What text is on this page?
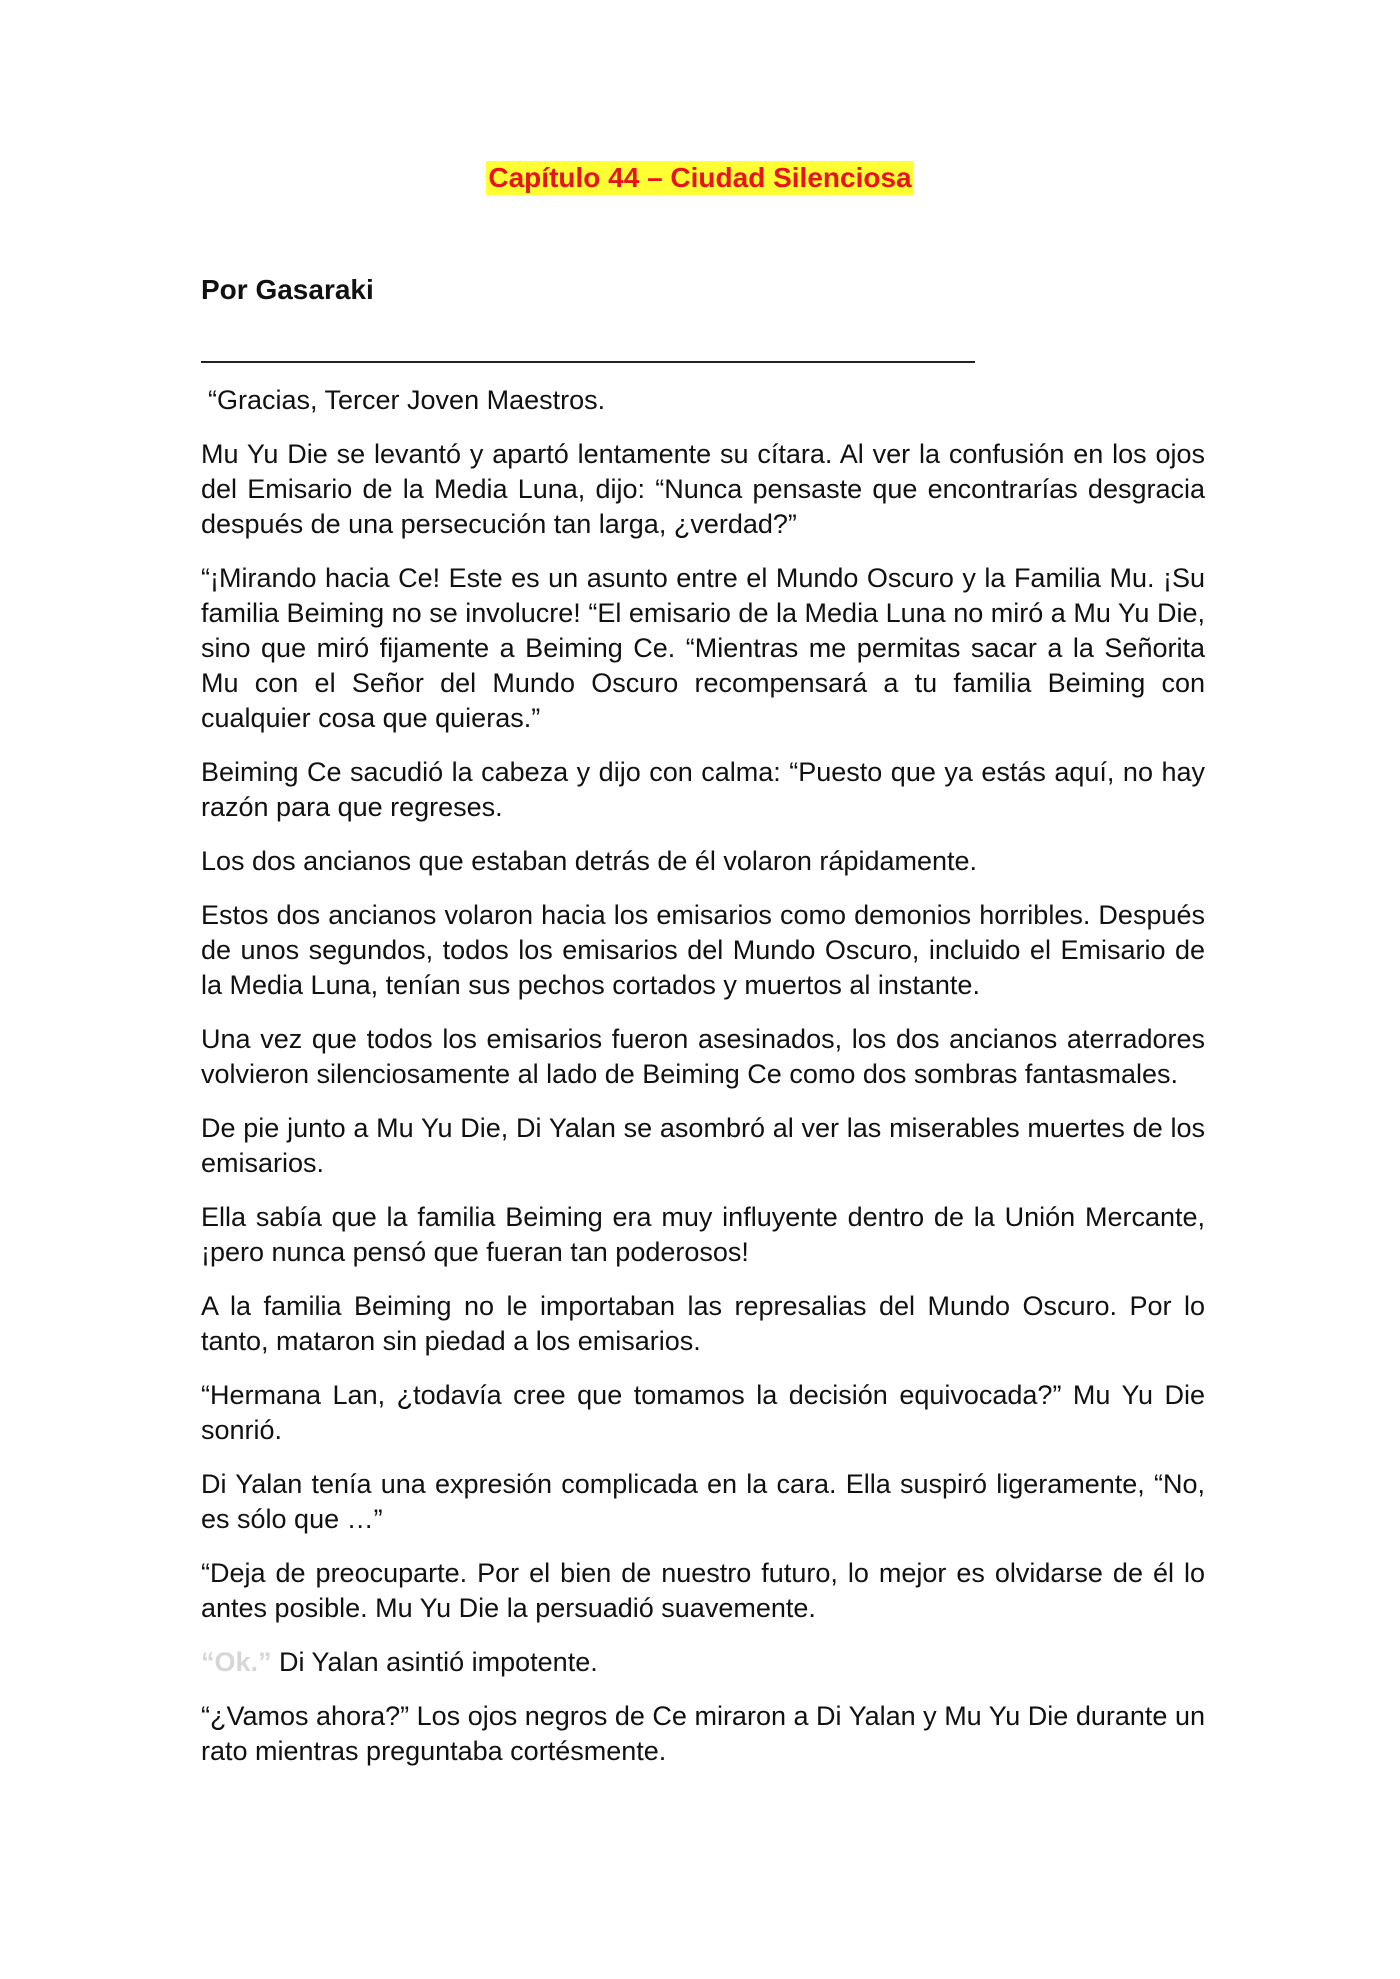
Capítulo 44 – Ciudad Silenciosa

Por Gasaraki

“Gracias, Tercer Joven Maestros.

Mu Yu Die se levantó y apartó lentamente su cítara. Al ver la confusión en los ojos del Emisario de la Media Luna, dijo: “Nunca pensaste que encontrarías desgracia después de una persecución tan larga, ¿verdad?”

“¡Mirando hacia Ce! Este es un asunto entre el Mundo Oscuro y la Familia Mu. ¡Su familia Beiming no se involucre! “El emisario de la Media Luna no miró a Mu Yu Die, sino que miró fijamente a Beiming Ce. “Mientras me permitas sacar a la Señorita Mu con el Señor del Mundo Oscuro recompensará a tu familia Beiming con cualquier cosa que quieras.”

Beiming Ce sacudió la cabeza y dijo con calma: “Puesto que ya estás aquí, no hay razón para que regreses.

Los dos ancianos que estaban detrás de él volaron rápidamente.

Estos dos ancianos volaron hacia los emisarios como demonios horribles. Después de unos segundos, todos los emisarios del Mundo Oscuro, incluido el Emisario de la Media Luna, tenían sus pechos cortados y muertos al instante.

Una vez que todos los emisarios fueron asesinados, los dos ancianos aterradores volvieron silenciosamente al lado de Beiming Ce como dos sombras fantasmales.

De pie junto a Mu Yu Die, Di Yalan se asombró al ver las miserables muertes de los emisarios.

Ella sabía que la familia Beiming era muy influyente dentro de la Unión Mercante, ¡pero nunca pensó que fueran tan poderosos!

A la familia Beiming no le importaban las represalias del Mundo Oscuro. Por lo tanto, mataron sin piedad a los emisarios.

“Hermana Lan, ¿todavía cree que tomamos la decisión equivocada?” Mu Yu Die sonrió.

Di Yalan tenía una expresión complicada en la cara. Ella suspiró ligeramente, “No, es sólo que …”

“Deja de preocuparte. Por el bien de nuestro futuro, lo mejor es olvidarse de él lo antes posible. Mu Yu Die la persuadió suavemente.

“Ok.” Di Yalan asintió impotente.

“¿Vamos ahora?” Los ojos negros de Ce miraron a Di Yalan y Mu Yu Die durante un rato mientras preguntaba cortésmente.
